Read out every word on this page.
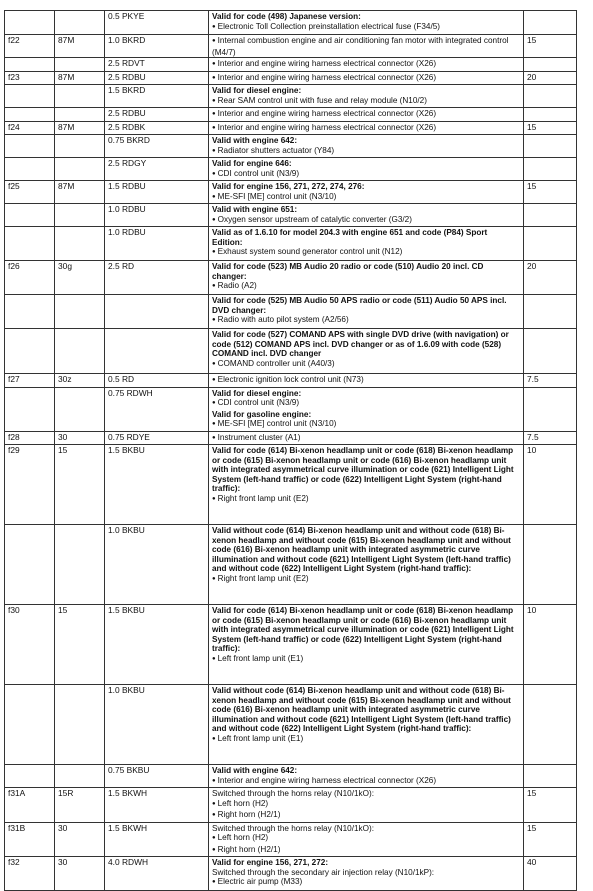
		0.5 PKYE	Valid for code (498) Japanese version:
● Electronic Toll Collection preinstallation electrical fuse (F34/5)

f22	87M	1.0 BKRD	● Internal combustion engine and air conditioning fan motor with integrated control (M4/7)	15
		2.5 RDVT	● Interior and engine wiring harness electrical connector (X26)

f23	87M	2.5 RDBU	● Interior and engine wiring harness electrical connector (X26)	20
		1.5 BKRD	Valid for diesel engine:
● Rear SAM control unit with fuse and relay module (N10/2)

		2.5 RDBU	● Interior and engine wiring harness electrical connector (X26)

f24	87M	2.5 RDBK	● Interior and engine wiring harness electrical connector (X26)	15
		0.75 BKRD	Valid with engine 642:
● Radiator shutters actuator (Y84)

		2.5 RDGY	Valid for engine 646:
● CDI control unit (N3/9)

f25	87M	1.5 RDBU	Valid for engine 156, 271, 272, 274, 276:
● ME-SFI [ME] control unit (N3/10)	15
		1.0 RDBU	Valid with engine 651:
● Oxygen sensor upstream of catalytic converter (G3/2)

		1.0 RDBU	Valid as of 1.6.10 for model 204.3 with engine 651 and code (P84) Sport Edition:
● Exhaust system sound generator control unit (N12)

f26	30g	2.5 RD	Valid for code (523) MB Audio 20 radio or code (510) Audio 20 incl. CD changer:
● Radio (A2)	20

			Valid for code (525) MB Audio 50 APS radio or code (511) Audio 50 APS incl. DVD changer:
● Radio with auto pilot system (A2/56)

			Valid for code (527) COMAND APS with single DVD drive (with navigation) or code (512) COMAND APS incl. DVD changer or as of 1.6.09 with code (528) COMAND incl. DVD changer
● COMAND controller unit (A40/3)

f27	30z	0.5 RD	● Electronic ignition lock control unit (N73)	7.5
		0.75 RDWH	Valid for diesel engine:
● CDI control unit (N3/9)
Valid for gasoline engine:
● ME-SFI [ME] control unit (N3/10)

f28	30	0.75 RDYE	● Instrument cluster (A1)	7.5
f29	15	1.5 BKBU	Valid for code (614) Bi-xenon headlamp unit or code (618) Bi-xenon headlamp or code (615) Bi-xenon headlamp unit or code (616) Bi-xenon headlamp unit with integrated asymmetrical curve illumination or code (621) Intelligent Light System (left-hand traffic) or code (622) Intelligent Light System (right-hand traffic):
● Right front lamp unit (E2)	10
		1.0 BKBU	Valid without code (614) Bi-xenon headlamp unit and without code (618) Bi-xenon headlamp and without code (615) Bi-xenon headlamp unit and without code (616) Bi-xenon headlamp unit with integrated asymmetric curve illumination and without code (621) Intelligent Light System (left-hand traffic) and without code (622) Intelligent Light System (right-hand traffic):
● Right front lamp unit (E2)

f30	15	1.5 BKBU	Valid for code (614) Bi-xenon headlamp unit or code (618) Bi-xenon headlamp or code (615) Bi-xenon headlamp unit or code (616) Bi-xenon headlamp unit with integrated asymmetrical curve illumination or code (621) Intelligent Light System (left-hand traffic) or code (622) Intelligent Light System (right-hand traffic):
● Left front lamp unit (E1)	10
		1.0 BKBU	Valid without code (614) Bi-xenon headlamp unit and without code (618) Bi-xenon headlamp and without code (615) Bi-xenon headlamp unit and without code (616) Bi-xenon headlamp unit with integrated asymmetric curve illumination and without code (621) Intelligent Light System (left-hand traffic) and without code (622) Intelligent Light System (right-hand traffic):
● Left front lamp unit (E1)

		0.75 BKBU	Valid with engine 642:
● Interior and engine wiring harness electrical connector (X26)

f31A	15R	1.5 BKWH	Switched through the horns relay (N10/1kO):
● Left horn (H2)
● Right horn (H2/1)	15
f31B	30	1.5 BKWH	Switched through the horns relay (N10/1kO):
● Left horn (H2)
● Right horn (H2/1)	15
f32	30	4.0 RDWH	Valid for engine 156, 271, 272:
Switched through the secondary air injection relay (N10/1kP):
● Electric air pump (M33)	40
